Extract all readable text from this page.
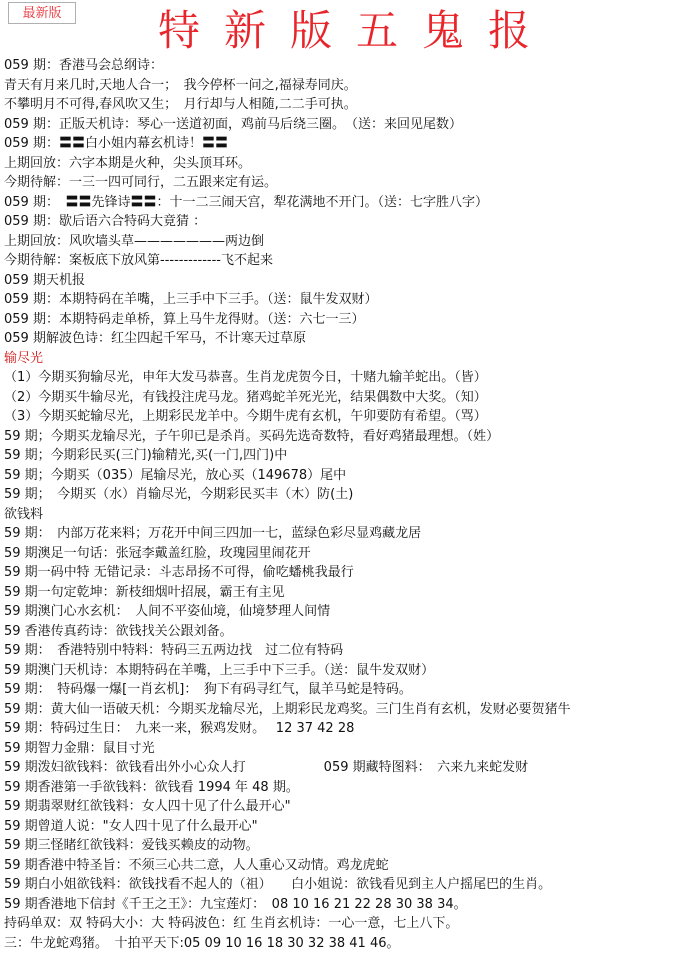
最新版	特新版五鬼报
059 期：香港马会总纲诗：
青天有月来几时,天地人合一；　我今停杯一问之,福禄寿同庆。
不攀明月不可得,春风吹又生；　月行却与人相随,二二手可执。
059 期：正版天机诗：琴心一送道初面，鸡前马后绕三圈。　（送：来回见尾数）
059 期：〓〓白小姐内幕玄机诗！〓〓
上期回放：六字本期是火种，尖头顶耳环。
今期待解：一三一四可同行，二五跟来定有运。
059 期：　〓〓先锋诗〓〓：十一二三闹天宫，犁花满地不开门。（送：七字胜八字）
059 期：歇后语六合特码大竟猜 ：
上期回放：风吹墙头草———————两边倒
今期待解：案板底下放风第-------------飞不起来
059 期天机报
059 期：本期特码在羊嘴，上三手中下三手。（送：鼠牛发双财）
059 期：本期特码走单桥，算上马牛龙得财。（送：六七一三）
059 期解波色诗：红尘四起千军马，不计寒天过草原
输尽光
（1）今期买狗输尽光，申年大发马恭喜。生肖龙虎贺今日，十赌九输羊蛇出。（皆）
（2）今期买牛输尽光，有钱投注虎马龙。猪鸡蛇羊死光光，结果偶数中大奖。（知）
（3）今期买蛇输尽光，上期彩民龙羊中。今期牛虎有玄机，午卯要防有希望。（骂）
59 期；今期买龙输尽光，子午卯已是杀肖。买码先选奇数特，看好鸡猪最理想。（姓）
59 期；今期彩民买(三门)输精光,买(一门,四门)中
59 期；今期买（035）尾输尽光，放心买（149678）尾中
59 期；　今期买（水）肖输尽光，今期彩民买丰（木）防(土)
欲钱料
59 期：　内部万花来料；万花开中间三四加一七，蓝绿色彩尽显鸡藏龙居
59 期澳足一句话：张冠李戴盖红脸，玫瑰园里闹花开
59 期一码中特 无错记录：斗志昂扬不可得，偷吃蟠桃我最行
59 期一句定乾坤：新枝细烟叶招展，霸王有主见
59 期澳门心水玄机：　人间不平姿仙境，仙境梦理人间情
59 香港传真药诗：欲钱找关公跟刘备。
59 期：　香港特别中特料：特码三五两边找　过二位有特码
59 期澳门天机诗：本期特码在羊嘴，上三手中下三手。（送：鼠牛发双财）
59 期：　特码爆一爆[一肖玄机]：　狗下有码寻红气，鼠羊马蛇是特码。
59 期：黄大仙一语破天机：今期买龙输尽光，上期彩民龙鸡奖。三门生肖有玄机，发财必要贺猪牛
59 期：特码过生日：　九来一来，猴鸡发财。　 12 37 42 28
59 期智力金鼎：鼠目寸光
59 期泼妇欲钱料：欲钱看出外小心众人打　　　　　　059 期藏特图料：　六来九来蛇发财
59 期香港第一手欲钱料：欲钱看 1994 年 48 期。
59 期翡翠财红欲钱料：女人四十见了什么最开心"
59 期曾道人说："女人四十见了什么最开心"
59 期三怪睹红欲钱料：爱钱买赖皮的动物。
59 期香港中特圣旨：不须三心共二意，人人重心又动情。鸡龙虎蛇
59 期白小姐欲钱料：欲钱找看不起人的（祖）　　白小姐说：欲钱看见到主人户摇尾巴的生肖。
59 期香港地下信封《千王之王》：九宝莲灯：　08 10 16 21 22 28 30 38 34。
持码单双：双 特码大小：大 特码波色：红 生肖玄机诗：一心一意，七上八下。
三：牛龙蛇鸡猪。　十拍平天下:05 09 10 16 18 30 32 38 41 46。
